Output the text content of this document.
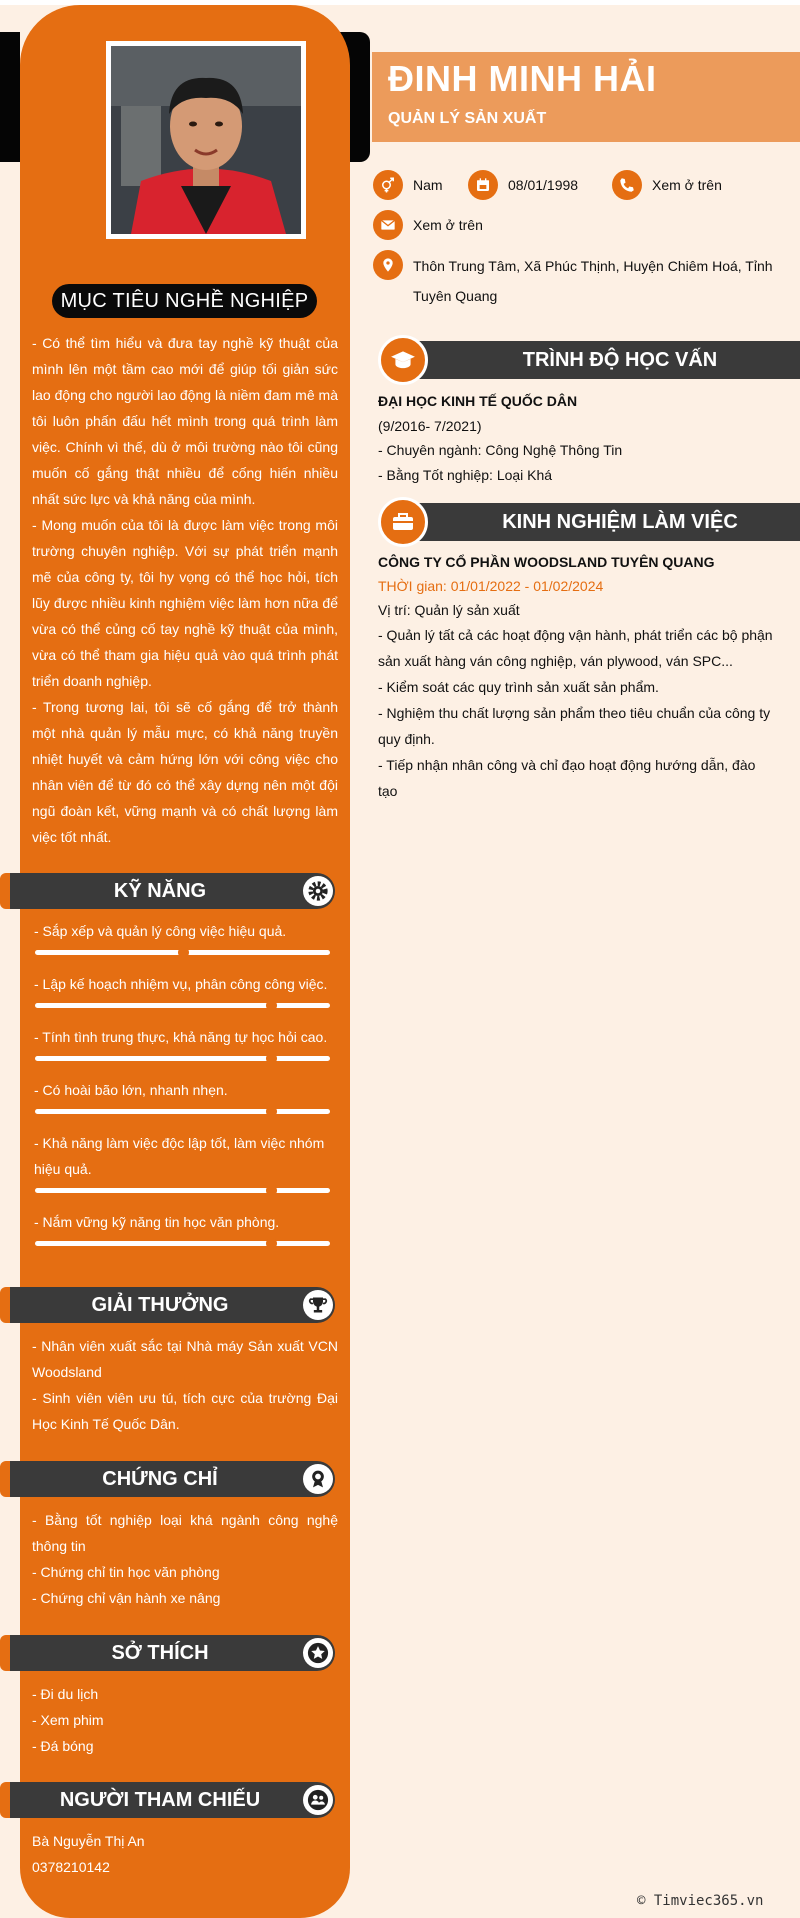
MỤC TIÊU NGHỀ NGHIỆP

- Có thể tìm hiểu và đưa tay nghề kỹ thuật của mình lên một tầm cao mới để giúp tối giản sức lao động cho người lao động là niềm đam mê mà tôi luôn phấn đấu hết mình trong quá trình làm việc. Chính vì thế, dù ở môi trường nào tôi cũng muốn cố gắng thật nhiều để cống hiến nhiều nhất sức lực và khả năng của mình.

- Mong muốn của tôi là được làm việc trong môi trường chuyên nghiệp. Với sự phát triển mạnh mẽ của công ty, tôi hy vọng có thể học hỏi, tích lũy được nhiều kinh nghiệm việc làm hơn nữa để vừa có thể củng cố tay nghề kỹ thuật của mình, vừa có thể tham gia hiệu quả vào quá trình phát triển doanh nghiệp.

- Trong tương lai, tôi sẽ cố gắng để trở thành một nhà quản lý mẫu mực, có khả năng truyền nhiệt huyết và cảm hứng lớn với công việc cho nhân viên để từ đó có thể xây dựng nên một đội ngũ đoàn kết, vững mạnh và có chất lượng làm việc tốt nhất.

KỸ NĂNG
- Sắp xếp và quản lý công việc hiệu quả.
- Lập kế hoạch nhiệm vụ, phân công công việc.
- Tính tình trung thực, khả năng tự học hỏi cao.
- Có hoài bão lớn, nhanh nhẹn.
- Khả năng làm việc độc lập tốt, làm việc nhóm hiệu quả.
- Nắm vững kỹ năng tin học văn phòng.
GIẢI THƯỞNG

- Nhân viên xuất sắc tại Nhà máy Sản xuất VCN Woodsland

- Sinh viên viên ưu tú, tích cực của trường Đại Học Kinh Tế Quốc Dân.

CHỨNG CHỈ

- Bằng tốt nghiệp loại khá ngành công nghệ thông tin

- Chứng chỉ tin học văn phòng

- Chứng chỉ vận hành xe nâng

SỞ THÍCH

- Đi du lịch

- Xem phim

- Đá bóng

NGƯỜI THAM CHIẾU

Bà Nguyễn Thị An

0378210142

ĐINH MINH HẢI
QUẢN LÝ SẢN XUẤT
Nam	08/01/1998	Xem ở trên
Xem ở trên
Thôn Trung Tâm, Xã Phúc Thịnh, Huyện Chiêm Hoá, Tỉnh Tuyên Quang
TRÌNH ĐỘ HỌC VẤN

ĐẠI HỌC KINH TẾ QUỐC DÂN

(9/2016- 7/2021)

- Chuyên ngành: Công Nghệ Thông Tin

- Bằng Tốt nghiệp: Loại Khá

KINH NGHIỆM LÀM VIỆC

CÔNG TY CỔ PHẦN WOODSLAND TUYÊN QUANG

THỜI gian: 01/01/2022 - 01/02/2024

Vị trí: Quản lý sản xuất

- Quản lý tất cả các hoạt động vận hành, phát triển các bộ phận sản xuất hàng ván công nghiệp, ván plywood, ván SPC...

- Kiểm soát các quy trình sản xuất sản phẩm.

- Nghiệm thu chất lượng sản phẩm theo tiêu chuẩn của công ty quy định.

- Tiếp nhận nhân công và chỉ đạo hoạt động hướng dẫn, đào tạo

© Timviec365.vn
